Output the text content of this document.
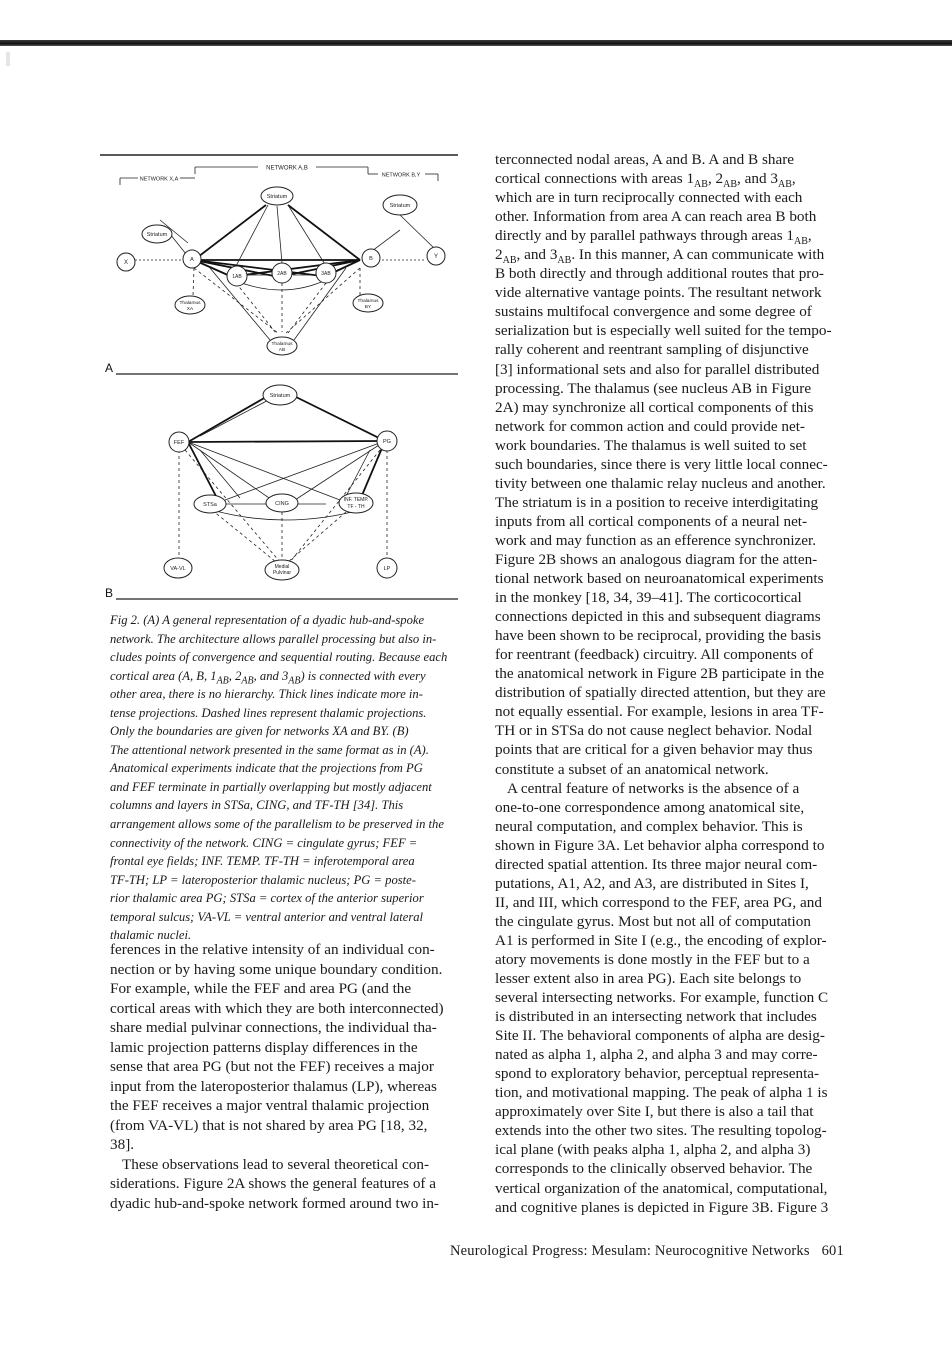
NETWORK A,B
NETWORK X,A
NETWORK B,Y
Striatum
Striatum
Striatum
X	A	B	Y
1AB	2AB	3AB
Thalamus
XA
Thalamus
BY
Thalamus
AB
A
Striatum
FEF	PG
STSa	CING
INF. TEMP.
TF - TH
VA-VL	Medial
Pulvinar
LP
B

Fig 2. (A) A general representation of a dyadic hub-and-spoke
network. The architecture allows parallel processing but also in-
cludes points of convergence and sequential routing. Because each
cortical area (A, B, $1_{AB}$, $2_{AB}$, and $3_{AB}$) is connected with every
other area, there is no hierarchy. Thick lines indicate more in-
tense projections. Dashed lines represent thalamic projections.
Only the boundaries are given for networks XA and BY. (B)
The attentional network presented in the same format as in (A).
Anatomical experiments indicate that the projections from PG
and FEF terminate in partially overlapping but mostly adjacent
columns and layers in STSa, CING, and TF-TH [34]. This
arrangement allows some of the parallelism to be preserved in the
connectivity of the network. CING = cingulate gyrus; FEF =
frontal eye fields; INF. TEMP. TF-TH = inferotemporal area
TF-TH; LP = lateroposterior thalamic nucleus; PG = poste-
rior thalamic area PG; STSa = cortex of the anterior superior
temporal sulcus; VA-VL = ventral anterior and ventral lateral
thalamic nuclei.

ferences in the relative intensity of an individual con-
nection or by having some unique boundary condition.
For example, while the FEF and area PG (and the
cortical areas with which they are both interconnected)
share medial pulvinar connections, the individual tha-
lamic projection patterns display differences in the
sense that area PG (but not the FEF) receives a major
input from the lateroposterior thalamus (LP), whereas
the FEF receives a major ventral thalamic projection
(from VA-VL) that is not shared by area PG [18, 32,
38].

These observations lead to several theoretical con-
siderations. Figure 2A shows the general features of a
dyadic hub-and-spoke network formed around two in-

terconnected nodal areas, A and B. A and B share
cortical connections with areas $1_{AB}$, $2_{AB}$, and $3_{AB}$,
which are in turn reciprocally connected with each
other. Information from area A can reach area B both
directly and by parallel pathways through areas $1_{AB}$,
$2_{AB}$, and $3_{AB}$. In this manner, A can communicate with
B both directly and through additional routes that pro-
vide alternative vantage points. The resultant network
sustains multifocal convergence and some degree of
serialization but is especially well suited for the tempo-
rally coherent and reentrant sampling of disjunctive
[3] informational sets and also for parallel distributed
processing. The thalamus (see nucleus AB in Figure
2A) may synchronize all cortical components of this
network for common action and could provide net-
work boundaries. The thalamus is well suited to set
such boundaries, since there is very little local connec-
tivity between one thalamic relay nucleus and another.
The striatum is in a position to receive interdigitating
inputs from all cortical components of a neural net-
work and may function as an efference synchronizer.
Figure 2B shows an analogous diagram for the atten-
tional network based on neuroanatomical experiments
in the monkey [18, 34, 39–41]. The corticocortical
connections depicted in this and subsequent diagrams
have been shown to be reciprocal, providing the basis
for reentrant (feedback) circuitry. All components of
the anatomical network in Figure 2B participate in the
distribution of spatially directed attention, but they are
not equally essential. For example, lesions in area TF-
TH or in STSa do not cause neglect behavior. Nodal
points that are critical for a given behavior may thus
constitute a subset of an anatomical network.

A central feature of networks is the absence of a
one-to-one correspondence among anatomical site,
neural computation, and complex behavior. This is
shown in Figure 3A. Let behavior alpha correspond to
directed spatial attention. Its three major neural com-
putations, A1, A2, and A3, are distributed in Sites I,
II, and III, which correspond to the FEF, area PG, and
the cingulate gyrus. Most but not all of computation
A1 is performed in Site I (e.g., the encoding of explor-
atory movements is done mostly in the FEF but to a
lesser extent also in area PG). Each site belongs to
several intersecting networks. For example, function C
is distributed in an intersecting network that includes
Site II. The behavioral components of alpha are desig-
nated as alpha 1, alpha 2, and alpha 3 and may corre-
spond to exploratory behavior, perceptual representa-
tion, and motivational mapping. The peak of alpha 1 is
approximately over Site I, but there is also a tail that
extends into the other two sites. The resulting topolog-
ical plane (with peaks alpha 1, alpha 2, and alpha 3)
corresponds to the clinically observed behavior. The
vertical organization of the anatomical, computational,
and cognitive planes is depicted in Figure 3B. Figure 3

Neurological Progress: Mesulam: Neurocognitive Networks 601
